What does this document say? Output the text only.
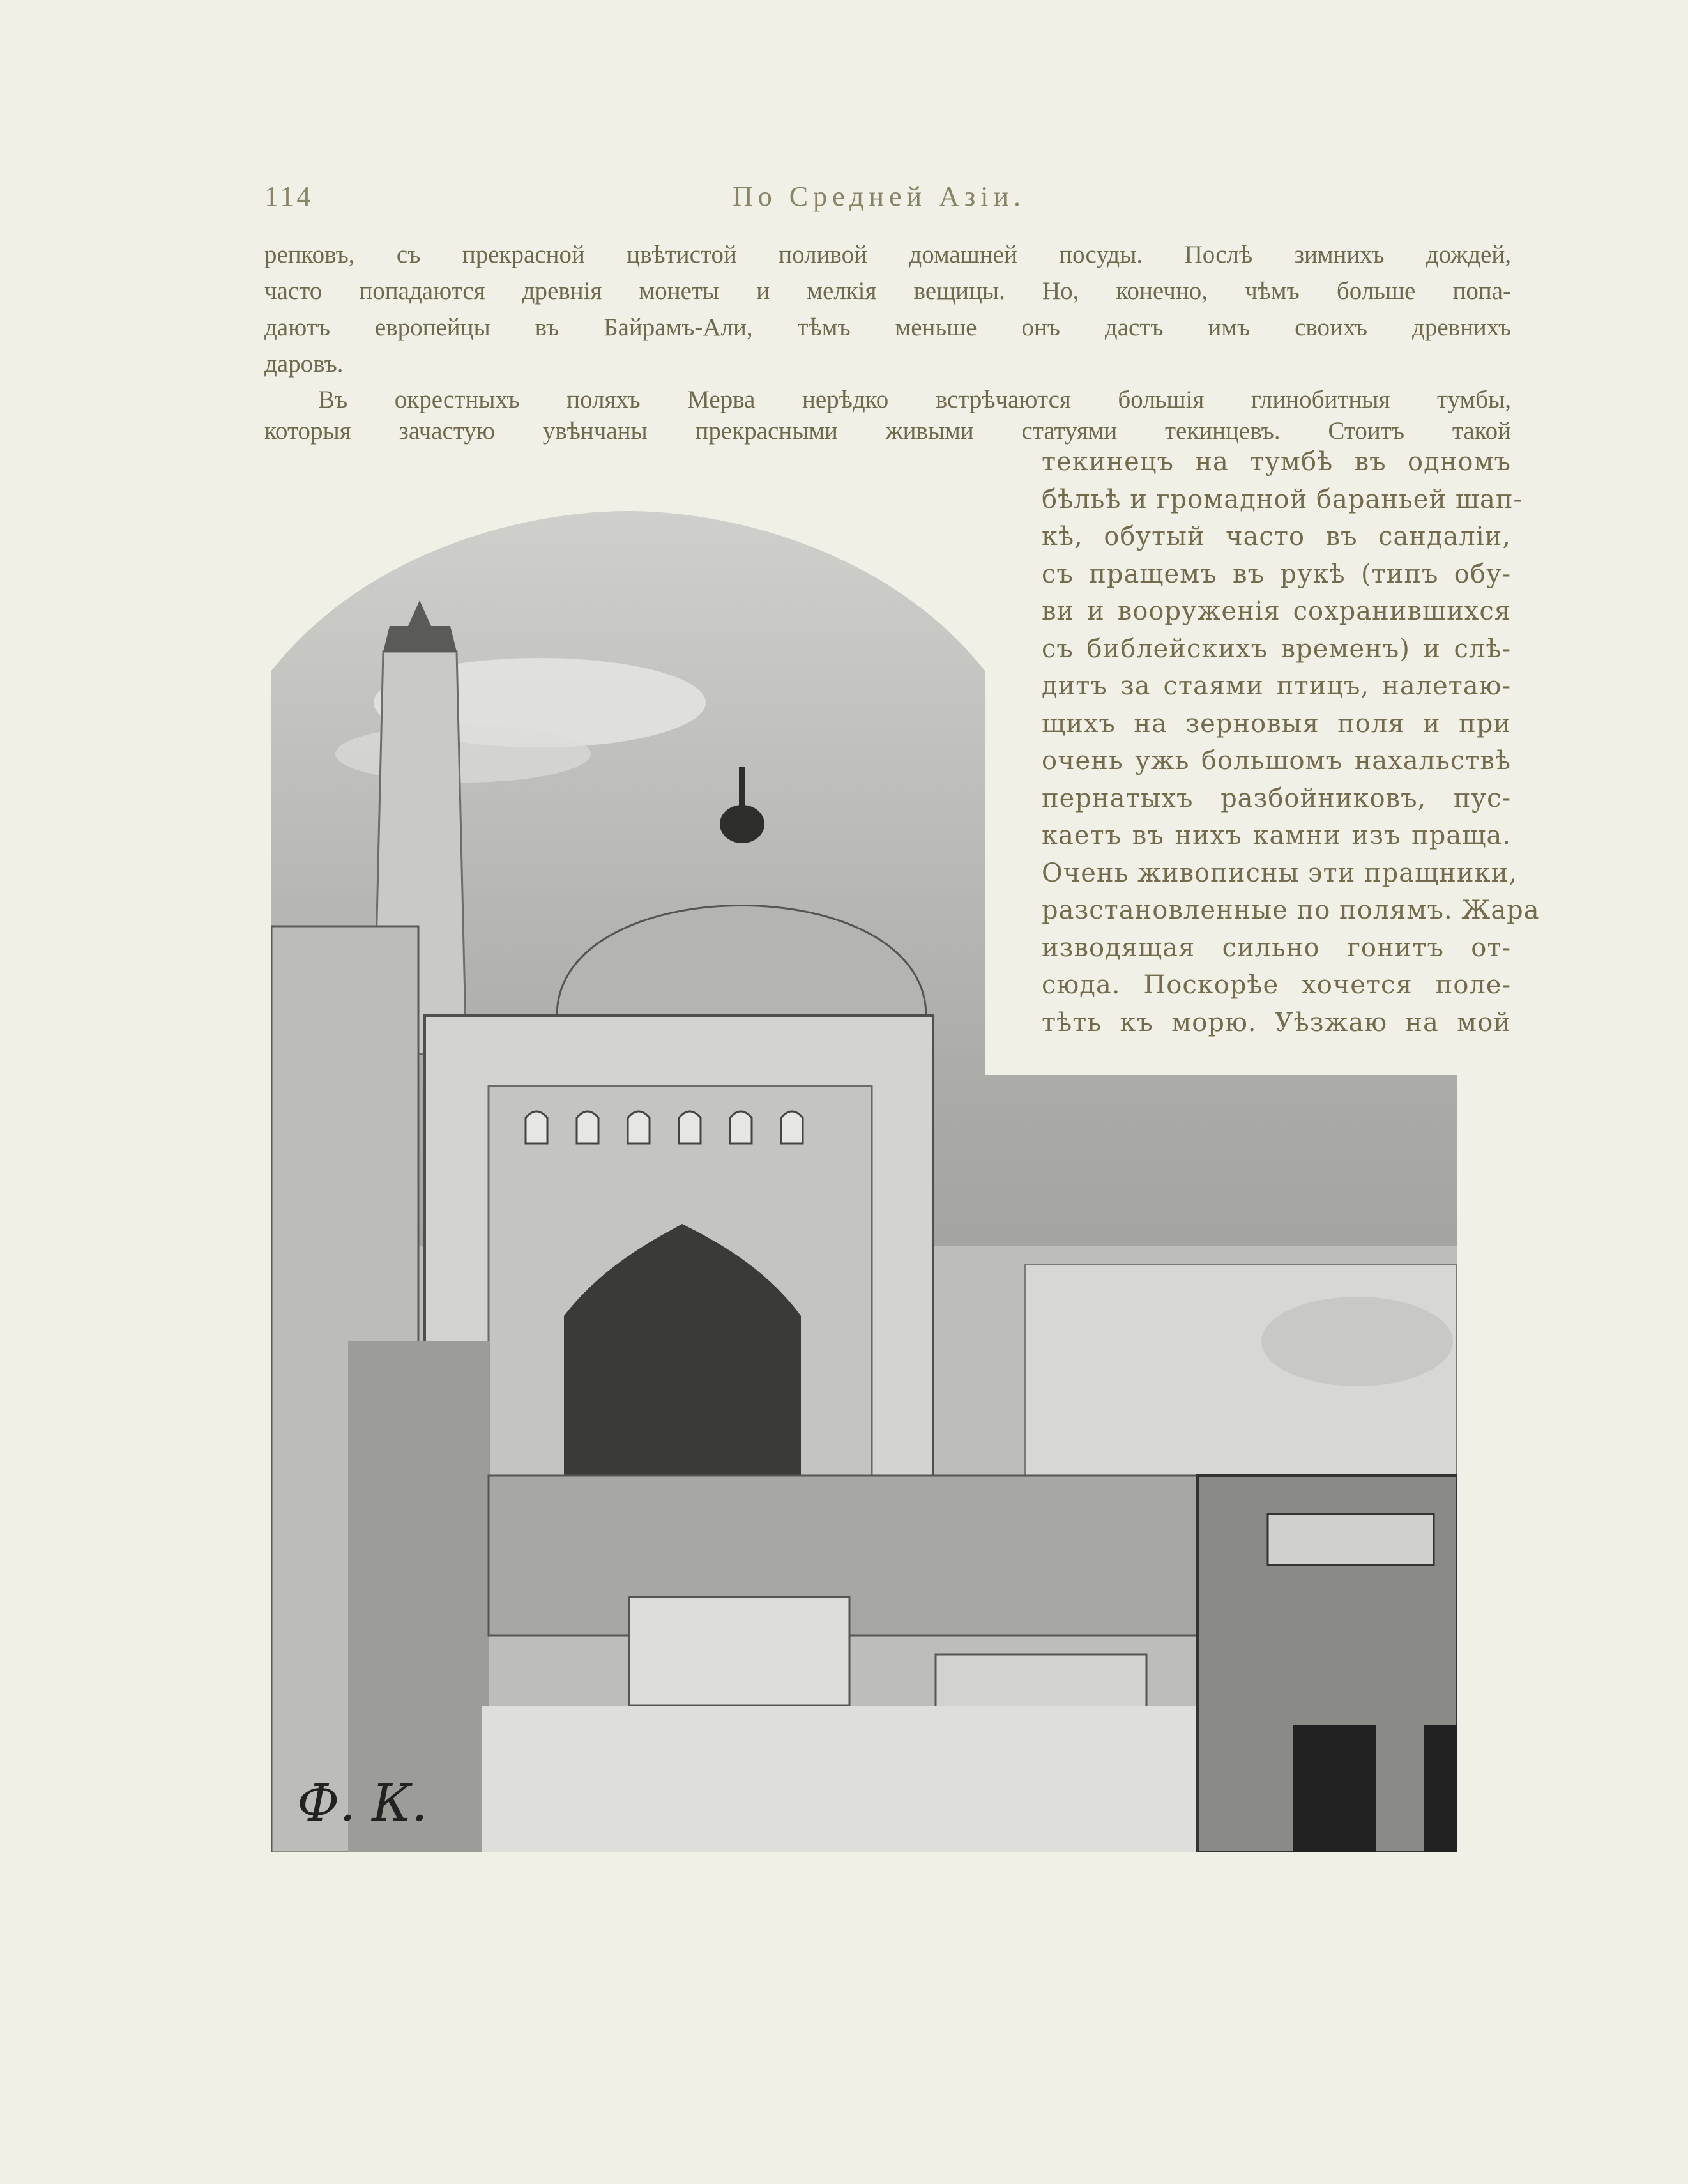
114	По Средней Азіи.
репковъ, съ прекрасной цвѣтистой поливой домашней посуды. Послѣ зимнихъ дождей,
часто попадаются древнія монеты и мелкія вещицы. Но, конечно, чѣмъ больше попа-
даютъ европейцы въ Байрамъ-Али, тѣмъ меньше онъ дастъ имъ своихъ древнихъ
даровъ.
Въ окрестныхъ поляхъ Мерва нерѣдко встрѣчаются большія глинобитныя тумбы,
которыя зачастую увѣнчаны прекрасными живыми статуями текинцевъ. Стоитъ такой
текинецъ на тумбѣ въ одномъ
бѣльѣ и громадной бараньей шап-
кѣ, обутый часто въ сандаліи,
съ пращемъ въ рукѣ (типъ обу-
ви и вооруженія сохранившихся
съ библейскихъ временъ) и слѣ-
дитъ за стаями птицъ, налетаю-
щихъ на зерновыя поля и при
очень ужь большомъ нахальствѣ
пернатыхъ разбойниковъ, пус-
каетъ въ нихъ камни изъ праща.
Очень живописны эти пращники,
разстановленные по полямъ. Жара
изводящая сильно гонитъ от-
сюда. Поскорѣе хочется поле-
тѣть къ морю. Уѣзжаю на мой
Ф. К.
